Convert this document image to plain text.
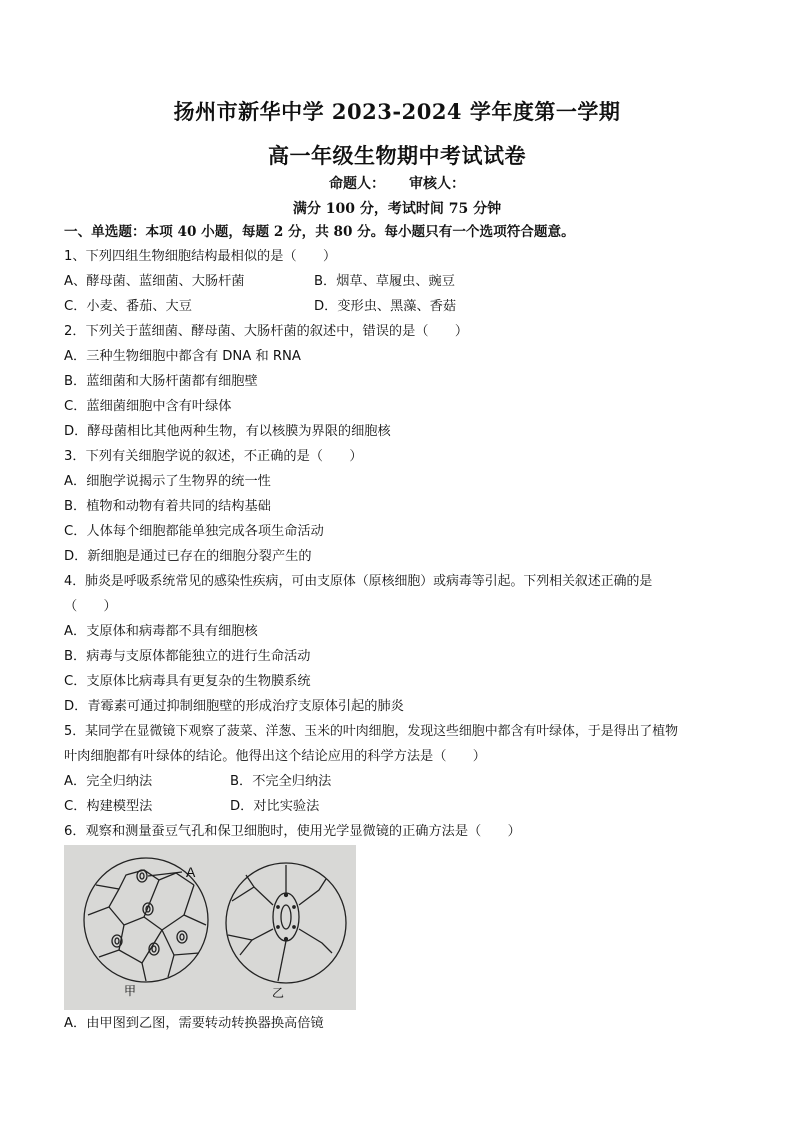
扬州市新华中学 2023-2024 学年度第一学期
高一年级生物期中考试试卷
命题人： 审核人：
满分 100 分，考试时间 75 分钟
一、单选题：本项 40 小题，每题 2 分，共 80 分。每小题只有一个选项符合题意。
1、下列四组生物细胞结构最相似的是（　　）
A、酵母菌、蓝细菌、大肠杆菌	B．烟草、草履虫、豌豆
C．小麦、番茄、大豆	D．变形虫、黑藻、香菇
2．下列关于蓝细菌、酵母菌、大肠杆菌的叙述中，错误的是（　　）
A．三种生物细胞中都含有 DNA 和 RNA
B．蓝细菌和大肠杆菌都有细胞壁
C．蓝细菌细胞中含有叶绿体
D．酵母菌相比其他两种生物，有以核膜为界限的细胞核
3．下列有关细胞学说的叙述，不正确的是（　　）
A．细胞学说揭示了生物界的统一性
B．植物和动物有着共同的结构基础
C．人体每个细胞都能单独完成各项生命活动
D．新细胞是通过已存在的细胞分裂产生的
4．肺炎是呼吸系统常见的感染性疾病，可由支原体（原核细胞）或病毒等引起。下列相关叙述正确的是
（　　）
A．支原体和病毒都不具有细胞核
B．病毒与支原体都能独立的进行生命活动
C．支原体比病毒具有更复杂的生物膜系统
D．青霉素可通过抑制细胞壁的形成治疗支原体引起的肺炎
5．某同学在显微镜下观察了菠菜、洋葱、玉米的叶肉细胞，发现这些细胞中都含有叶绿体，于是得出了植物
叶肉细胞都有叶绿体的结论。他得出这个结论应用的科学方法是（　　）
A．完全归纳法	B．不完全归纳法
C．构建模型法	D．对比实验法
6．观察和测量蚕豆气孔和保卫细胞时，使用光学显微镜的正确方法是（　　）
A
甲	乙
A．由甲图到乙图，需要转动转换器换高倍镜
